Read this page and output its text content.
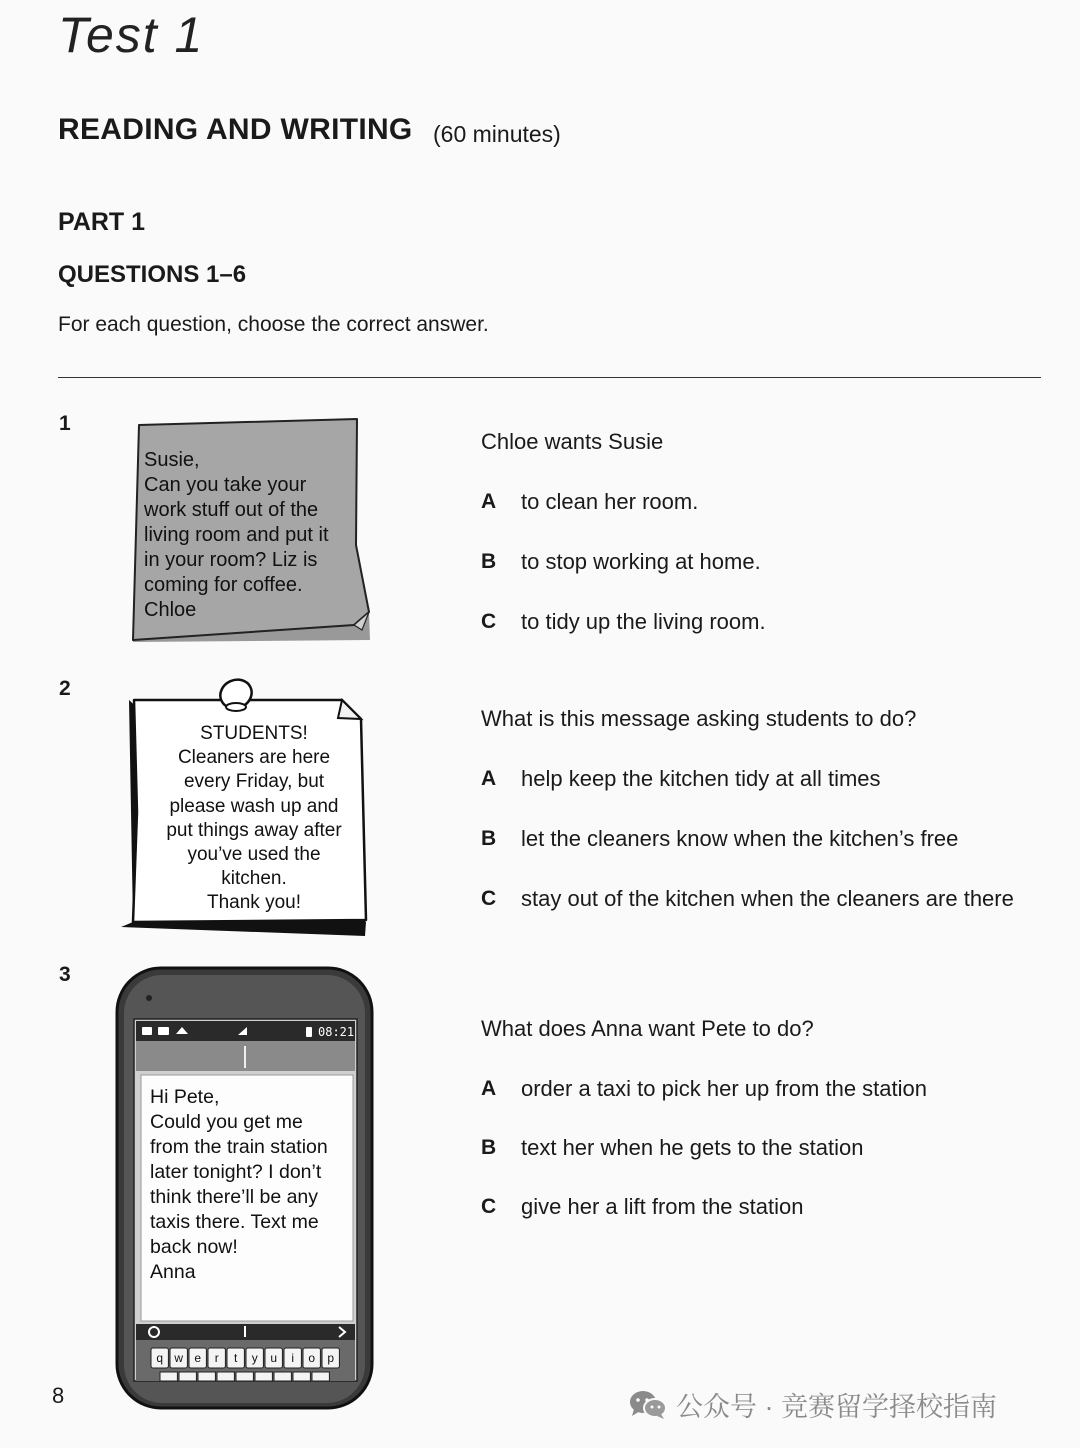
Test 1
READING AND WRITING (60 minutes)
PART 1
QUESTIONS 1–6
For each question, choose the correct answer.
q w e r t y u i o p
1
2
3
Susie,
Can you take your
work stuff out of the
living room and put it
in your room? Liz is
coming for coffee.
Chloe
STUDENTS!
Cleaners are here
every Friday, but
please wash up and
put things away after
you’ve used the
kitchen.
Thank you!
08:21
Hi Pete,
Could you get me
from the train station
later tonight? I don’t
think there’ll be any
taxis there. Text me
back now!
Anna
Chloe wants Susie
A to clean her room.
B to stop working at home.
C to tidy up the living room.
What is this message asking students to do?
A help keep the kitchen tidy at all times
B let the cleaners know when the kitchen’s free
C stay out of the kitchen when the cleaners are there
What does Anna want Pete to do?
A order a taxi to pick her up from the station
B text her when he gets to the station
C give her a lift from the station
8	公众号 · 竞赛留学择校指南
